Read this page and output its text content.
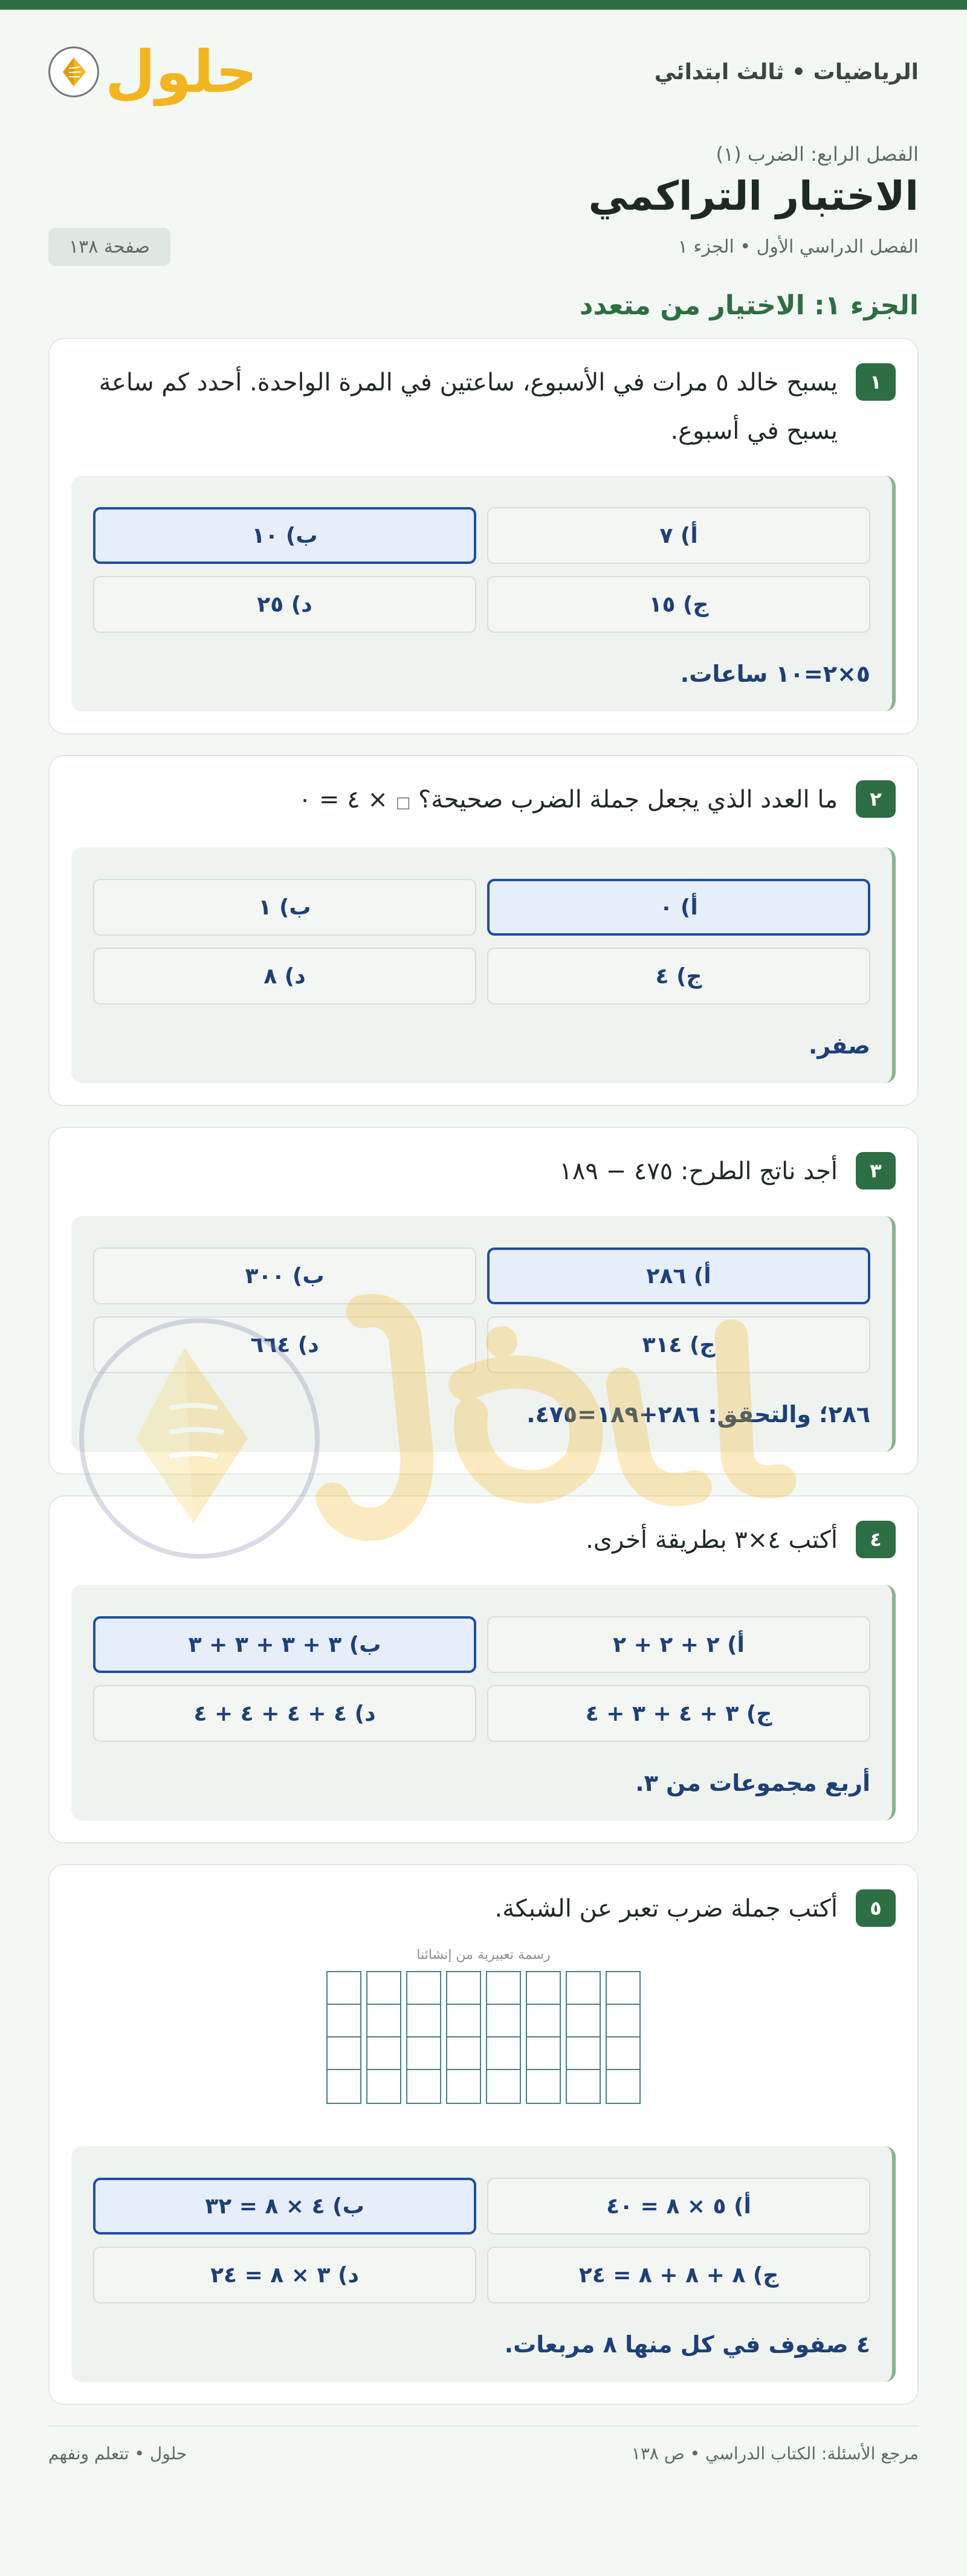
الرياضيات • ثالث ابتدائي
حلول
الفصل الرابع: الضرب (١)
الاختبار التراكمي
الفصل الدراسي الأول • الجزء ١
صفحة ١٣٨
الجزء ١: الاختيار من متعدد
١
يسبح خالد ٥ مرات في الأسبوع، ساعتين في المرة الواحدة. أحدد كم ساعة يسبح في أسبوع.
أ) ٧
ب) ١٠
ج) ١٥
د) ٢٥
٥×٢=١٠ ساعات.
٢
ما العدد الذي يجعل جملة الضرب صحيحة؟ □ × ٤ = ٠
أ) ٠
ب) ١
ج) ٤
د) ٨
صفر.
٣
أجد ناتج الطرح: ٤٧٥ − ١٨٩
أ) ٢٨٦
ب) ٣٠٠
ج) ٣١٤
د) ٦٦٤
٢٨٦؛ والتحقق: ٢٨٦+١٨٩=٤٧٥.
٤
أكتب ٤×٣ بطريقة أخرى.
أ) ٢ + ٢ + ٢
ب) ٣ + ٣ + ٣ + ٣
ج) ٣ + ٤ + ٣ + ٤
د) ٤ + ٤ + ٤ + ٤
أربع مجموعات من ٣.
٥
أكتب جملة ضرب تعبر عن الشبكة.
رسمة تعبيرية من إنشائنا
أ) ٥ × ٨ = ٤٠
ب) ٤ × ٨ = ٣٢
ج) ٨ + ٨ + ٨ = ٢٤
د) ٣ × ٨ = ٢٤
٤ صفوف في كل منها ٨ مربعات.
مرجع الأسئلة: الكتاب الدراسي • ص ١٣٨
حلول • تتعلم ونفهم
